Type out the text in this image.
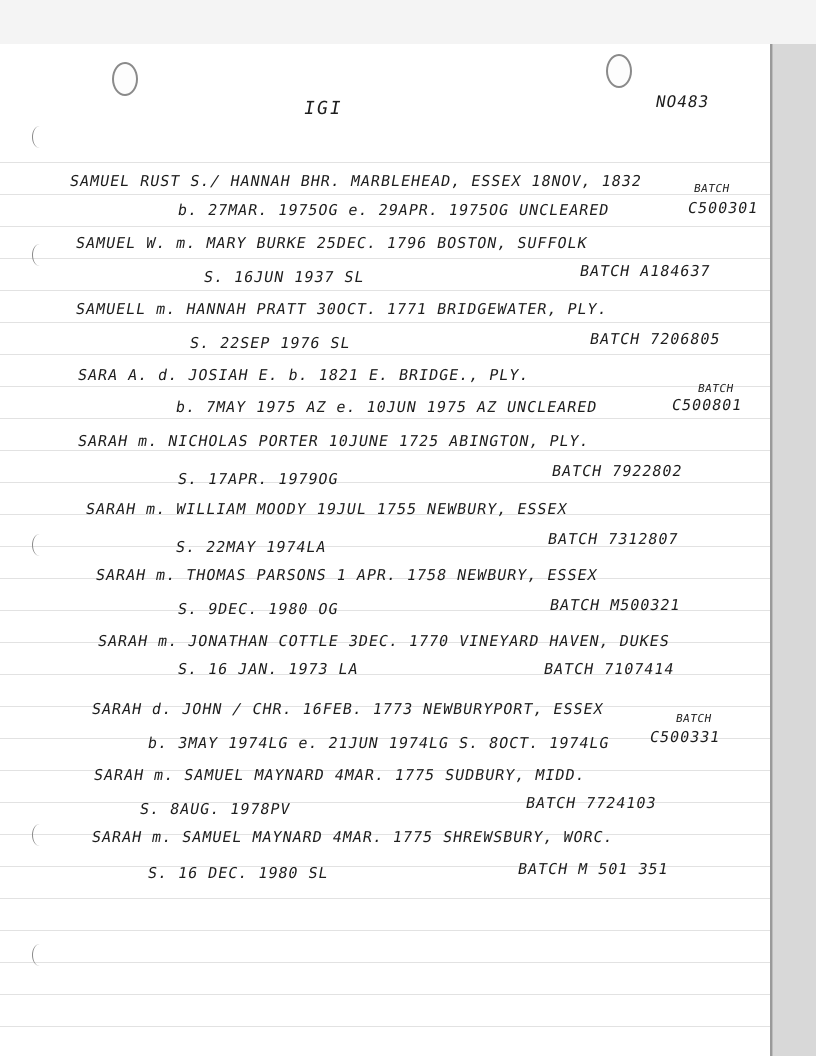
IGI	NO483
SAMUEL RUST S./ HANNAH BHR. MARBLEHEAD, ESSEX 18NOV, 1832	BATCH
b. 27MAR. 1975OG e. 29APR. 1975OG UNCLEARED	C500301
SAMUEL W. m. MARY BURKE 25DEC. 1796 BOSTON, SUFFOLK
S. 16JUN 1937 SL	BATCH A184637
SAMUELL m. HANNAH PRATT 30OCT. 1771 BRIDGEWATER, PLY.
S. 22SEP 1976 SL	BATCH 7206805
SARA A. d. JOSIAH E. b. 1821 E. BRIDGE., PLY.
BATCH
b. 7MAY 1975 AZ e. 10JUN 1975 AZ UNCLEARED	C500801
SARAH m. NICHOLAS PORTER 10JUNE 1725 ABINGTON, PLY.
S. 17APR. 1979OG	BATCH 7922802
SARAH m. WILLIAM MOODY 19JUL 1755 NEWBURY, ESSEX
S. 22MAY 1974LA	BATCH 7312807
SARAH m. THOMAS PARSONS 1 APR. 1758 NEWBURY, ESSEX
S. 9DEC. 1980 OG	BATCH M500321
SARAH m. JONATHAN COTTLE 3DEC. 1770 VINEYARD HAVEN, DUKES
S. 16 JAN. 1973 LA	BATCH 7107414
SARAH d. JOHN / CHR. 16FEB. 1773 NEWBURYPORT, ESSEX
BATCH
b. 3MAY 1974LG e. 21JUN 1974LG S. 8OCT. 1974LG C500331
SARAH m. SAMUEL MAYNARD 4MAR. 1775 SUDBURY, MIDD.
S. 8AUG. 1978PV	BATCH 7724103
SARAH m. SAMUEL MAYNARD 4MAR. 1775 SHREWSBURY, WORC.
S. 16 DEC. 1980 SL	BATCH M 501 351
